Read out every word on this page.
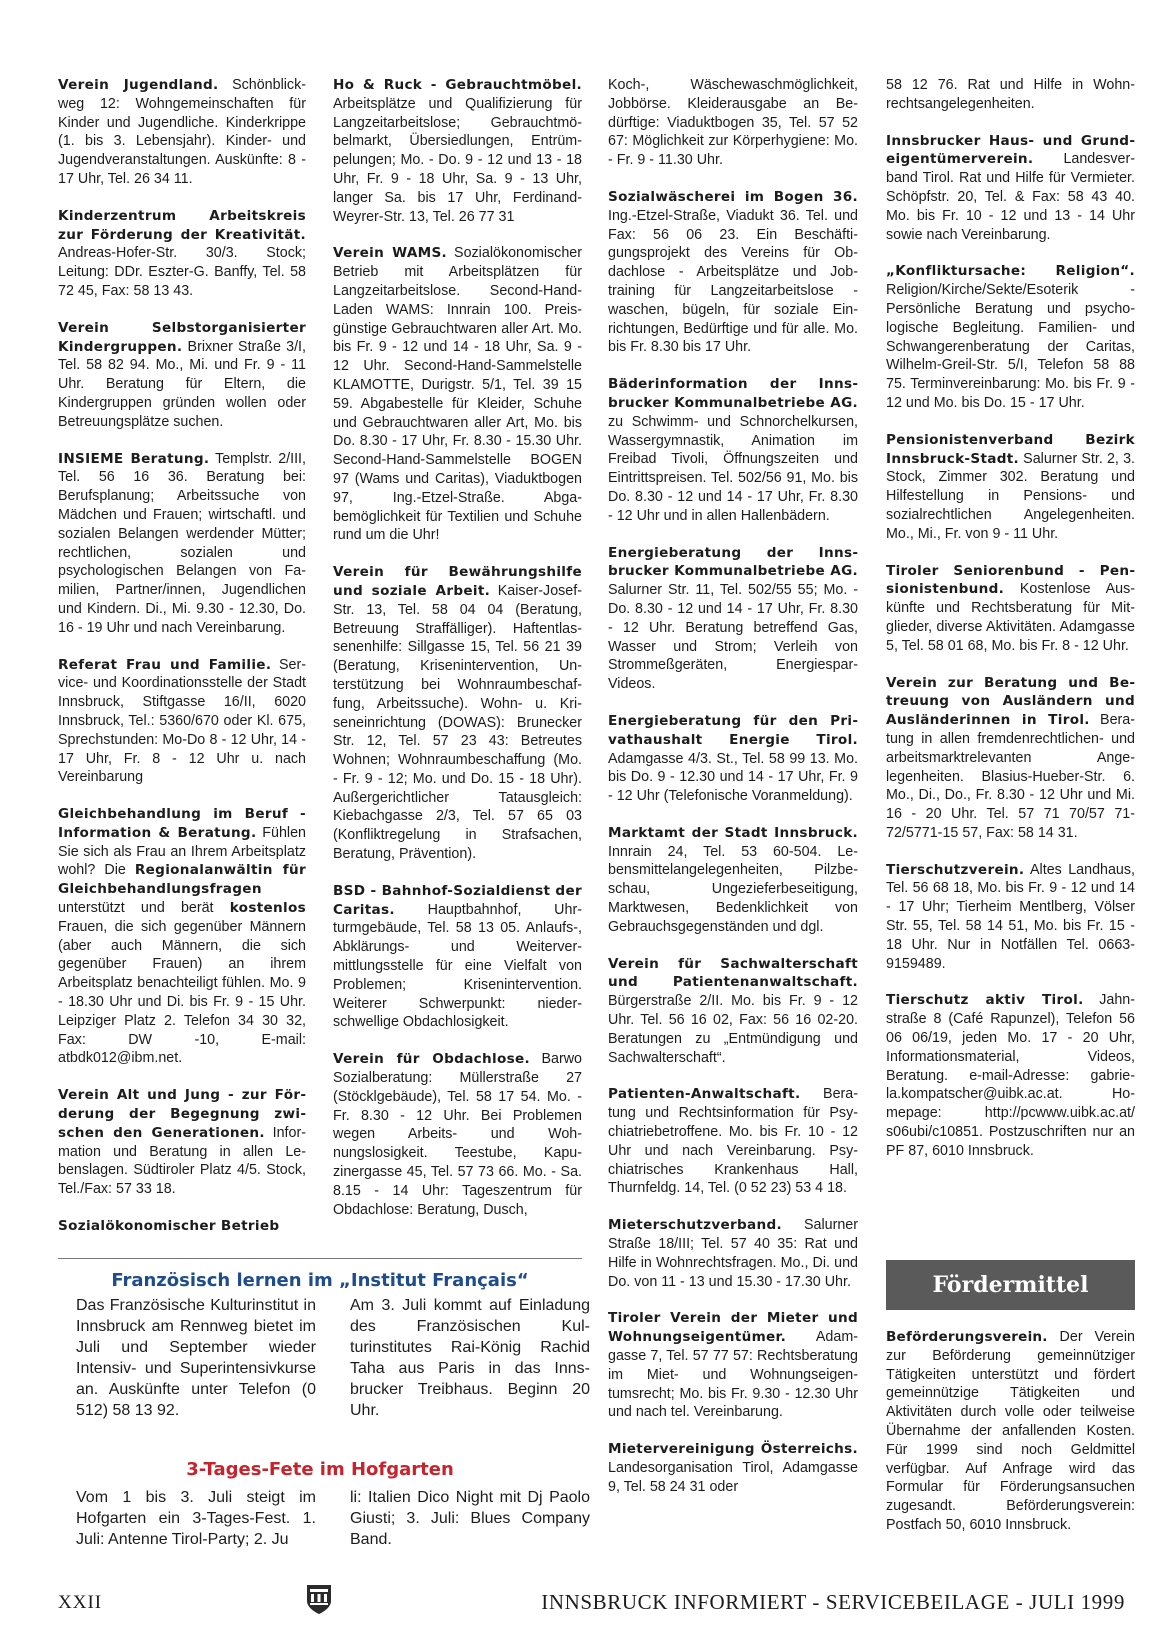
Verein Jugendland. Schönblickweg 12: Wohngemeinschaften für Kinder und Jugendliche. Kinderkrippe (1. bis 3. Lebensjahr). Kinder- und Jugendveranstaltungen. Auskünfte: 8 - 17 Uhr, Tel. 26 34 11.

Kinderzentrum Arbeitskreis zur Förderung der Kreativität. Andreas-Hofer-Str. 30/3. Stock; Leitung: DDr. Eszter-G. Banffy, Tel. 58 72 45, Fax: 58 13 43.

Verein Selbstorganisierter Kindergruppen. Brixner Straße 3/I, Tel. 58 82 94. Mo., Mi. und Fr. 9 - 11 Uhr. Beratung für Eltern, die Kindergruppen gründen wollen oder Betreuungsplätze suchen.

INSIEME Beratung. Templstr. 2/III, Tel. 56 16 36. Beratung bei: Berufsplanung; Arbeitssuche von Mädchen und Frauen; wirtschaftl. und sozialen Belangen werdender Mütter; rechtlichen, sozialen und psychologischen Belangen von Familien, Partner/innen, Jugendlichen und Kindern. Di., Mi. 9.30 - 12.30, Do. 16 - 19 Uhr und nach Vereinbarung.

Referat Frau und Familie. Service- und Koordinationsstelle der Stadt Innsbruck, Stiftgasse 16/II, 6020 Innsbruck, Tel.: 5360/670 oder Kl. 675, Sprechstunden: Mo-Do 8 - 12 Uhr, 14 - 17 Uhr, Fr. 8 - 12 Uhr u. nach Vereinbarung

Gleichbehandlung im Beruf - Information & Beratung. Fühlen Sie sich als Frau an Ihrem Arbeitsplatz wohl? Die Regionalanwältin für Gleichbehandlungsfragen unterstützt und berät kostenlos Frauen, die sich gegenüber Männern (aber auch Männern, die sich gegenüber Frauen) an ihrem Arbeitsplatz benachteiligt fühlen. Mo. 9 - 18.30 Uhr und Di. bis Fr. 9 - 15 Uhr. Leipziger Platz 2. Telefon 34 30 32, Fax: DW -10, E-mail: atbdk012@ibm.net.

Verein Alt und Jung - zur Förderung der Begegnung zwischen den Generationen. Information und Beratung in allen Lebenslagen. Südtiroler Platz 4/5. Stock, Tel./Fax: 57 33 18.

Sozialökonomischer Betrieb

Ho & Ruck - Gebrauchtmöbel. Arbeitsplätze und Qualifizierung für Langzeitarbeitslose; Gebrauchtmöbelmarkt, Übersiedlungen, Entrümpelungen; Mo. - Do. 9 - 12 und 13 - 18 Uhr, Fr. 9 - 18 Uhr, Sa. 9 - 13 Uhr, langer Sa. bis 17 Uhr, Ferdinand-Weyrer-Str. 13, Tel. 26 77 31

Verein WAMS. Sozialökonomischer Betrieb mit Arbeitsplätzen für Langzeitarbeitslose. Second-Hand-Laden WAMS: Innrain 100. Preisgünstige Gebrauchtwaren aller Art. Mo. bis Fr. 9 - 12 und 14 - 18 Uhr, Sa. 9 - 12 Uhr. Second-Hand-Sammelstelle KLAMOTTE, Durigstr. 5/1, Tel. 39 15 59. Abgabestelle für Kleider, Schuhe und Gebrauchtwaren aller Art, Mo. bis Do. 8.30 - 17 Uhr, Fr. 8.30 - 15.30 Uhr. Second-Hand-Sammelstelle BOGEN 97 (Wams und Caritas), Viaduktbogen 97, Ing.-Etzel-Straße. Abgabemöglichkeit für Textilien und Schuhe rund um die Uhr!

Verein für Bewährungshilfe und soziale Arbeit. Kaiser-Josef-Str. 13, Tel. 58 04 04 (Beratung, Betreuung Straffälliger). Haftentlassenenhilfe: Sillgasse 15, Tel. 56 21 39 (Beratung, Krisenintervention, Unterstützung bei Wohnraumbeschaffung, Arbeitssuche). Wohn- u. Kriseneinrichtung (DOWAS): Brunecker Str. 12, Tel. 57 23 43: Betreutes Wohnen; Wohnraumbeschaffung (Mo. - Fr. 9 - 12; Mo. und Do. 15 - 18 Uhr). Außergerichtlicher Tatausgleich: Kiebachgasse 2/3, Tel. 57 65 03 (Konfliktregelung in Strafsachen, Beratung, Prävention).

BSD - Bahnhof-Sozialdienst der Caritas. Hauptbahnhof, Uhrturmgebäude, Tel. 58 13 05. Anlaufs-, Abklärungs- und Weitervermittlungsstelle für eine Vielfalt von Problemen; Krisenintervention. Weiterer Schwerpunkt: niederschwellige Obdachlosigkeit.

Verein für Obdachlose. Barwo Sozialberatung: Müllerstraße 27 (Stöcklgebäude), Tel. 58 17 54. Mo. - Fr. 8.30 - 12 Uhr. Bei Problemen wegen Arbeits- und Wohnungslosigkeit. Teestube, Kapuzinergasse 45, Tel. 57 73 66. Mo. - Sa. 8.15 - 14 Uhr: Tageszentrum für Obdachlose: Beratung, Dusch,

Koch-, Wäschewaschmöglichkeit, Jobbörse. Kleiderausgabe an Bedürftige: Viaduktbogen 35, Tel. 57 52 67: Möglichkeit zur Körperhygiene: Mo. - Fr. 9 - 11.30 Uhr.

Sozialwäscherei im Bogen 36. Ing.-Etzel-Straße, Viadukt 36. Tel. und Fax: 56 06 23. Ein Beschäftigungsprojekt des Vereins für Obdachlose - Arbeitsplätze und Jobtraining für Langzeitarbeitslose - waschen, bügeln, für soziale Einrichtungen, Bedürftige und für alle. Mo. bis Fr. 8.30 bis 17 Uhr.

Bäderinformation der Innsbrucker Kommunalbetriebe AG. zu Schwimm- und Schnorchelkursen, Wassergymnastik, Animation im Freibad Tivoli, Öffnungszeiten und Eintrittspreisen. Tel. 502/56 91, Mo. bis Do. 8.30 - 12 und 14 - 17 Uhr, Fr. 8.30 - 12 Uhr und in allen Hallenbädern.

Energieberatung der Innsbrucker Kommunalbetriebe AG. Salurner Str. 11, Tel. 502/55 55; Mo. - Do. 8.30 - 12 und 14 - 17 Uhr, Fr. 8.30 - 12 Uhr. Beratung betreffend Gas, Wasser und Strom; Verleih von Strommeßgeräten, Energiespar-Videos.

Energieberatung für den Privathaushalt Energie Tirol. Adamgasse 4/3. St., Tel. 58 99 13. Mo. bis Do. 9 - 12.30 und 14 - 17 Uhr, Fr. 9 - 12 Uhr (Telefonische Voranmeldung).

Marktamt der Stadt Innsbruck. Innrain 24, Tel. 53 60-504. Lebensmittelangelegenheiten, Pilzbeschau, Ungezieferbeseitigung, Marktwesen, Bedenklichkeit von Gebrauchsgegenständen und dgl.

Verein für Sachwalterschaft und Patientenanwaltschaft. Bürgerstraße 2/II. Mo. bis Fr. 9 - 12 Uhr. Tel. 56 16 02, Fax: 56 16 02-20. Beratungen zu „Entmündigung und Sachwalterschaft“.

Patienten-Anwaltschaft. Beratung und Rechtsinformation für Psychiatriebetroffene. Mo. bis Fr. 10 - 12 Uhr und nach Vereinbarung. Psychiatrisches Krankenhaus Hall, Thurnfeldg. 14, Tel. (0 52 23) 53 4 18.

Mieterschutzverband. Salurner Straße 18/III; Tel. 57 40 35: Rat und Hilfe in Wohnrechtsfragen. Mo., Di. und Do. von 11 - 13 und 15.30 - 17.30 Uhr.

Tiroler Verein der Mieter und Wohnungseigentümer. Adamgasse 7, Tel. 57 77 57: Rechtsberatung im Miet- und Wohnungseigentumsrecht; Mo. bis Fr. 9.30 - 12.30 Uhr und nach tel. Vereinbarung.

Mietervereinigung Österreichs. Landesorganisation Tirol, Adamgasse 9, Tel. 58 24 31 oder

58 12 76. Rat und Hilfe in Wohnrechtsangelegenheiten.

Innsbrucker Haus- und Grundeigentümerverein. Landesverband Tirol. Rat und Hilfe für Vermieter. Schöpfstr. 20, Tel. & Fax: 58 43 40. Mo. bis Fr. 10 - 12 und 13 - 14 Uhr sowie nach Vereinbarung.

„Konfliktursache: Religion“. Religion/Kirche/Sekte/Esoterik - Persönliche Beratung und psychologische Begleitung. Familien- und Schwangerenberatung der Caritas, Wilhelm-Greil-Str. 5/I, Telefon 58 88 75. Terminvereinbarung: Mo. bis Fr. 9 - 12 und Mo. bis Do. 15 - 17 Uhr.

Pensionistenverband Bezirk Innsbruck-Stadt. Salurner Str. 2, 3. Stock, Zimmer 302. Beratung und Hilfestellung in Pensions- und sozialrechtlichen Angelegenheiten. Mo., Mi., Fr. von 9 - 11 Uhr.

Tiroler Seniorenbund - Pensionistenbund. Kostenlose Auskünfte und Rechtsberatung für Mitglieder, diverse Aktivitäten. Adamgasse 5, Tel. 58 01 68, Mo. bis Fr. 8 - 12 Uhr.

Verein zur Beratung und Betreuung von Ausländern und Ausländerinnen in Tirol. Beratung in allen fremdenrechtlichen- und arbeitsmarktrelevanten Angelegenheiten. Blasius-Hueber-Str. 6. Mo., Di., Do., Fr. 8.30 - 12 Uhr und Mi. 16 - 20 Uhr. Tel. 57 71 70/57 71-72/5771-15 57, Fax: 58 14 31.

Tierschutzverein. Altes Landhaus, Tel. 56 68 18, Mo. bis Fr. 9 - 12 und 14 - 17 Uhr; Tierheim Mentlberg, Völser Str. 55, Tel. 58 14 51, Mo. bis Fr. 15 - 18 Uhr. Nur in Notfällen Tel. 0663-9159489.

Tierschutz aktiv Tirol. Jahnstraße 8 (Café Rapunzel), Telefon 56 06 06/19, jeden Mo. 17 - 20 Uhr, Informationsmaterial, Videos, Beratung. e-mail-Adresse: gabriela.kompatscher@uibk.ac.at. Homepage: http://pcwww.uibk.ac.at/ s06ubi/c10851. Postzuschriften nur an PF 87, 6010 Innsbruck.

Französisch lernen im „Institut Français“
Das Französische Kulturinstitut in Innsbruck am Rennweg bietet im Juli und September wieder Intensiv- und Superintensivkurse an. Auskünfte unter Telefon (0 512) 58 13 92.
Am 3. Juli kommt auf Einladung des Französischen Kulturinstitutes Rai-König Rachid Taha aus Paris in das Innsbrucker Treibhaus. Beginn 20 Uhr.
3-Tages-Fete im Hofgarten
Vom 1 bis 3. Juli steigt im Hofgarten ein 3-Tages-Fest. 1. Juli: Antenne Tirol-Party; 2. Ju
li: Italien Dico Night mit Dj Paolo Giusti; 3. Juli: Blues Company Band.
Fördermittel
Beförderungsverein. Der Verein zur Beförderung gemeinnütziger Tätigkeiten unterstützt und fördert gemeinnützige Tätigkeiten und Aktivitäten durch volle oder teilweise Übernahme der anfallenden Kosten. Für 1999 sind noch Geldmittel verfügbar. Auf Anfrage wird das Formular für Förderungsansuchen zugesandt. Beförderungsverein: Postfach 50, 6010 Innsbruck.
XXII	INNSBRUCK INFORMIERT - SERVICEBEILAGE - JULI 1999
